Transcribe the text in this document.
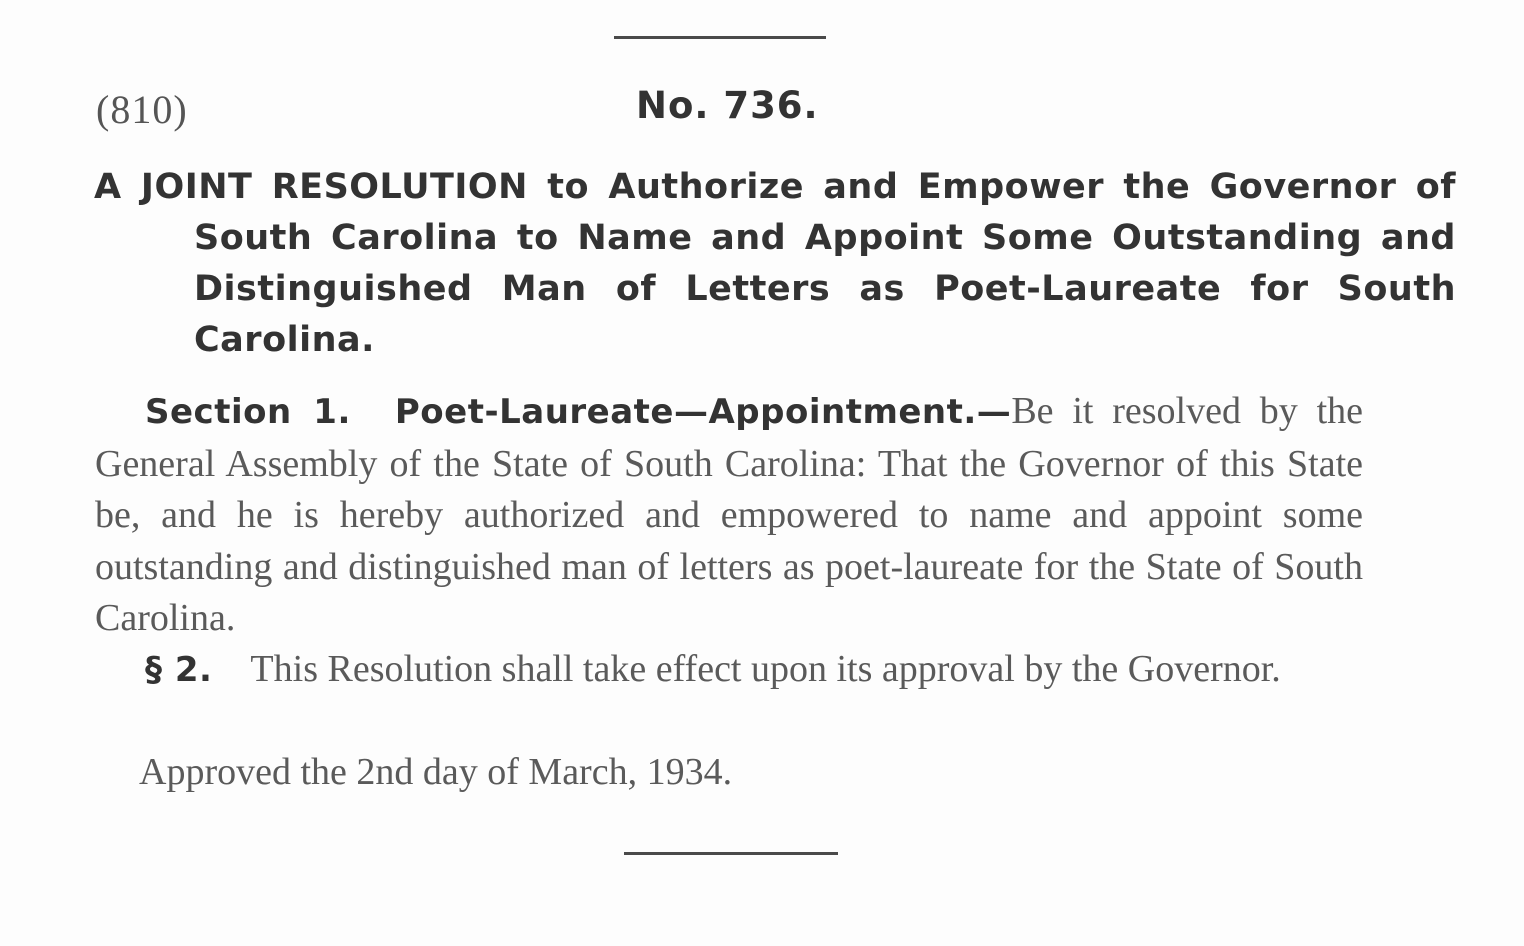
(810)	No. 736.
A JOINT RESOLUTION to Authorize and Empower the Governor of South Carolina to Name and Appoint Some Outstanding and Distinguished Man of Letters as Poet-Laureate for South Carolina.
Section 1. Poet-Laureate—Appointment.—Be it resolved by the General Assembly of the State of South Carolina: That the Governor of this State be, and he is hereby authorized and empowered to name and appoint some outstanding and distinguished man of letters as poet-laureate for the State of South Carolina.
§ 2. This Resolution shall take effect upon its approval by the Governor.
Approved the 2nd day of March, 1934.
